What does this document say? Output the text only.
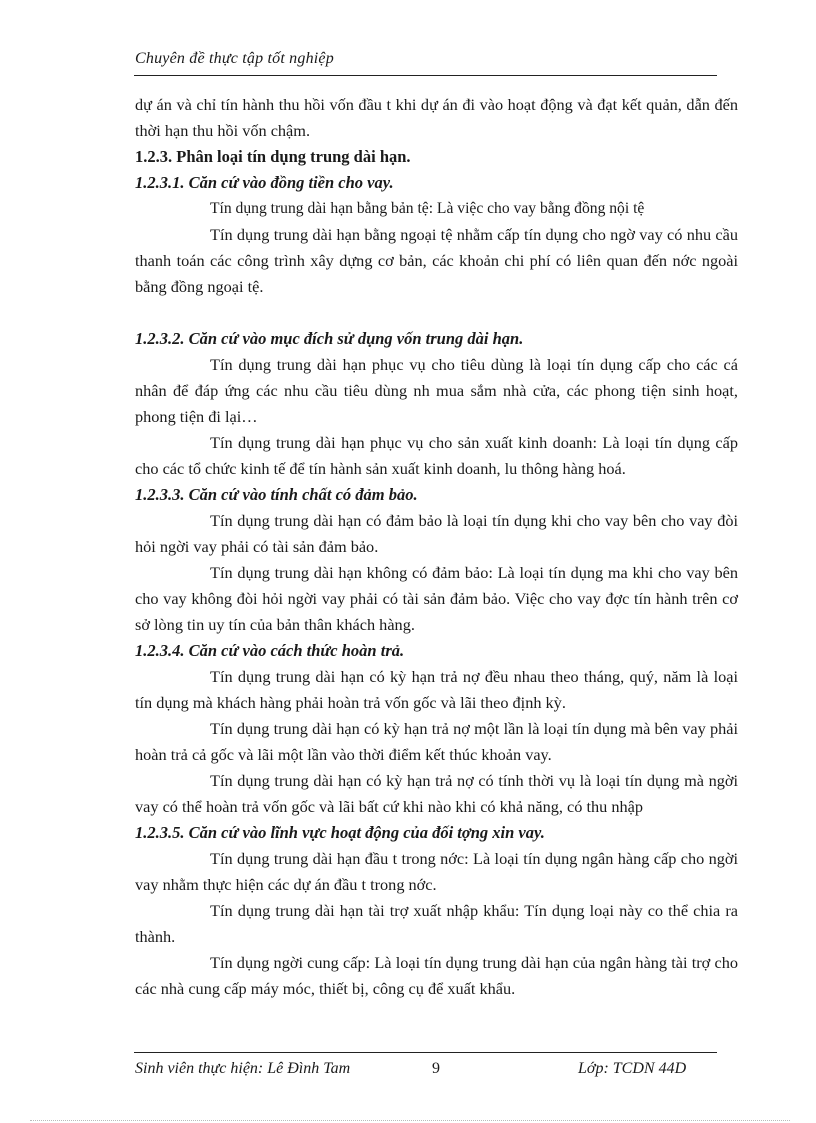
Chuyên đề thực tập tốt nghiệp

dự án và chỉ tín hành thu hồi vốn đầu t khi dự án đi vào hoạt động và đạt kết quản, dẫn đến thời hạn thu hồi vốn chậm.

1.2.3. Phân loại tín dụng trung dài hạn.

1.2.3.1. Căn cứ vào đồng tiền cho vay.

Tín dụng trung dài hạn bằng bản tệ: Là việc cho vay bằng đồng nội tệ

Tín dụng trung dài hạn bằng ngoại tệ nhằm cấp tín dụng cho ngờ vay có nhu cầu thanh toán các công trình xây dựng cơ bản, các khoản chi phí có liên quan đến nớc ngoài bằng đồng ngoại tệ.

1.2.3.2. Căn cứ vào mục đích sử dụng vốn trung dài hạn.

Tín dụng trung dài hạn phục vụ cho tiêu dùng là loại tín dụng cấp cho các cá nhân để đáp ứng các nhu cầu tiêu dùng nh mua sắm nhà cửa, các phong tiện sinh hoạt, phong tiện đi lại…

Tín dụng trung dài hạn phục vụ cho sản xuất kinh doanh: Là loại tín dụng cấp cho các tổ chức kinh tế để tín hành sản xuất kinh doanh, lu thông hàng hoá.

1.2.3.3. Căn cứ vào tính chất có đảm bảo.

Tín dụng trung dài hạn có đảm bảo là loại tín dụng khi cho vay bên cho vay đòi hỏi ngời vay phải có tài sản đảm bảo.

Tín dụng trung dài hạn không có đảm bảo: Là loại tín dụng ma khi cho vay bên cho vay không đòi hỏi ngời vay phải có tài sản đảm bảo. Việc cho vay đợc tín hành trên cơ sở lòng tin uy tín của bản thân khách hàng.

1.2.3.4. Căn cứ vào cách thức hoàn trả.

Tín dụng trung dài hạn có kỳ hạn trả nợ đều nhau theo tháng, quý, năm là loại tín dụng mà khách hàng phải hoàn trả vốn gốc và lãi theo định kỳ.

Tín dụng trung dài hạn có kỳ hạn trả nợ một lần là loại tín dụng mà bên vay phải hoàn trả cả gốc và lãi một lần vào thời điểm kết thúc khoản vay.

Tín dụng trung dài hạn có kỳ hạn trả nợ có tính thời vụ là loại tín dụng mà ngời vay có thể hoàn trả vốn gốc và lãi bất cứ khi nào khi có khả năng, có thu nhập

1.2.3.5. Căn cứ vào lĩnh vực hoạt động của đối tợng xin vay.

Tín dụng trung dài hạn đầu t trong nớc: Là loại tín dụng ngân hàng cấp cho ngời vay nhằm thực hiện các dự án đầu t trong nớc.

Tín dụng trung dài hạn tài trợ xuất nhập khẩu: Tín dụng loại này co thể chia ra thành.

Tín dụng ngời cung cấp: Là loại tín dụng trung dài hạn của ngân hàng tài trợ cho các nhà cung cấp máy móc, thiết bị, công cụ để xuất khẩu.

Sinh viên thực hiện: Lê Đình Tam	9	Lớp: TCDN 44D
